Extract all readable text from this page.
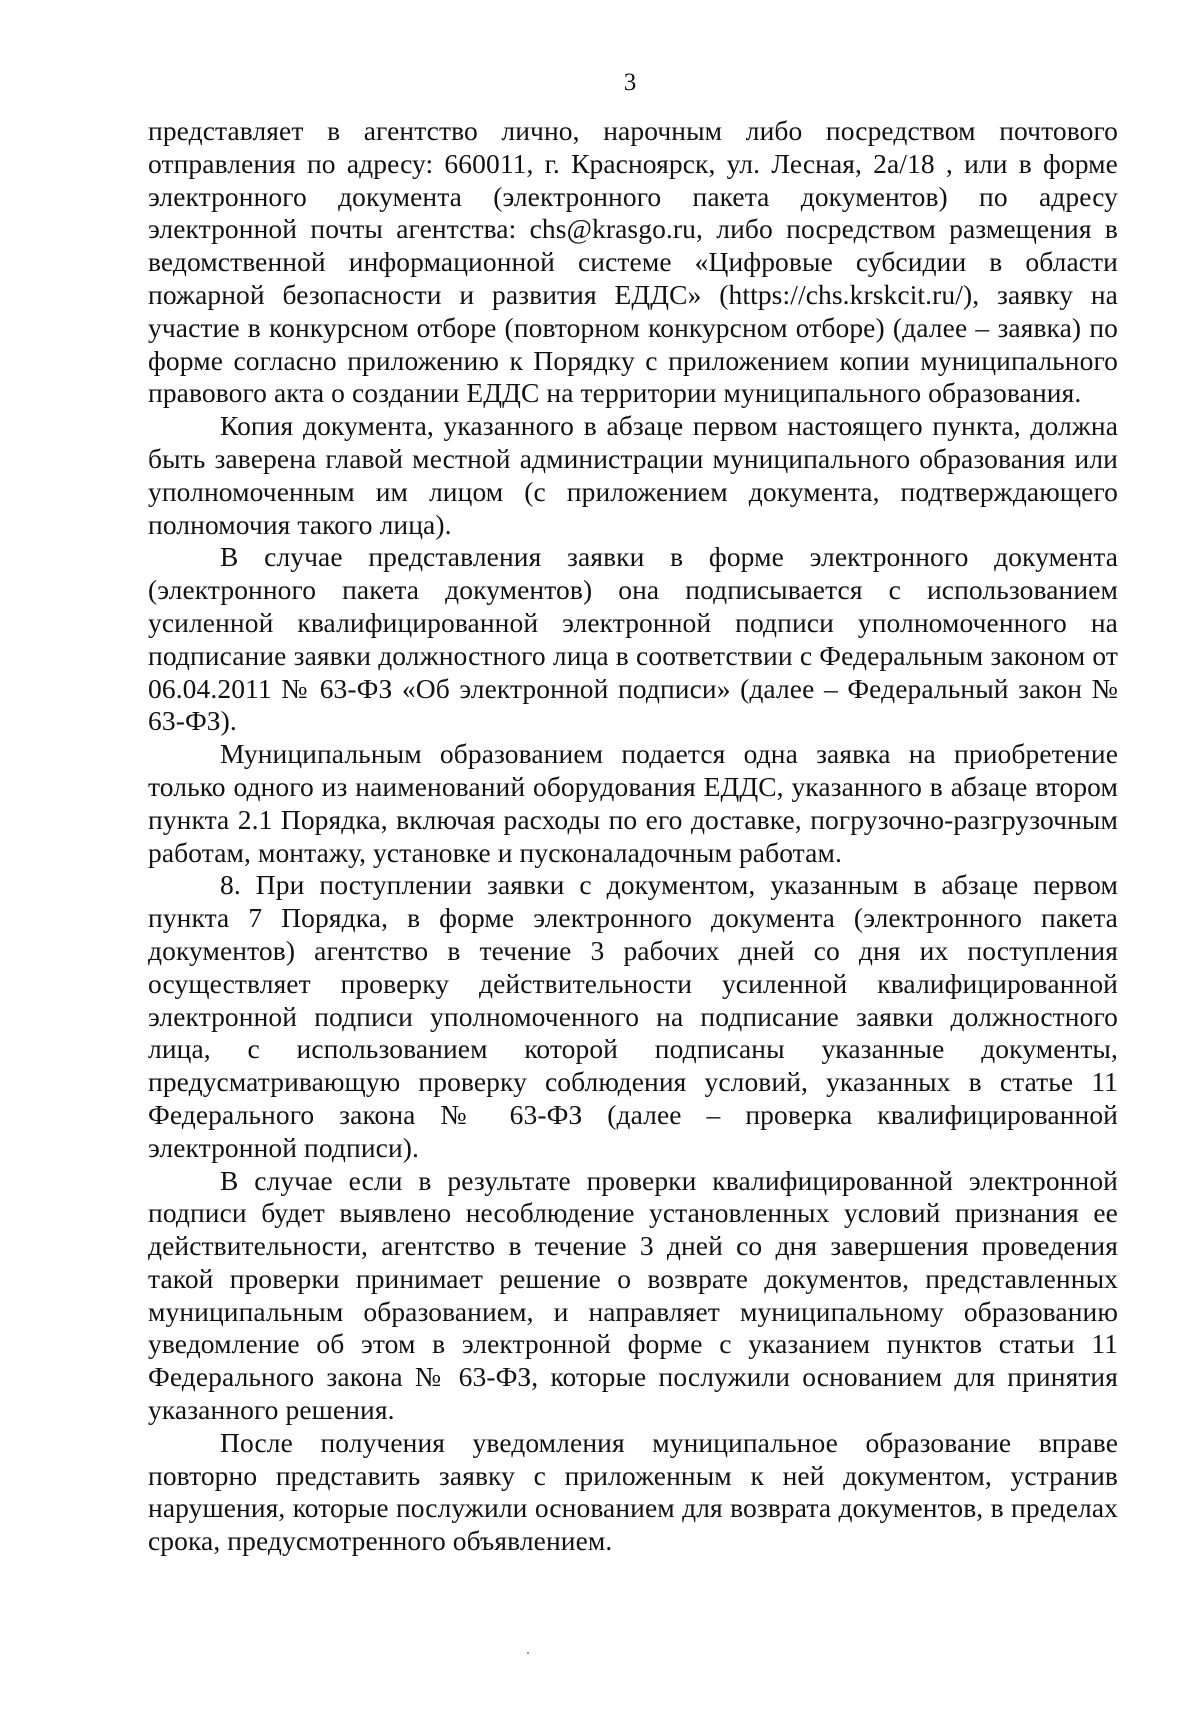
3

представляет в агентство лично, нарочным либо посредством почтового отправления по адресу: 660011, г. Красноярск, ул. Лесная, 2а/18 , или в форме электронного документа (электронного пакета документов) по адресу электронной почты агентства: chs@krasgo.ru, либо посредством размещения в ведомственной информационной системе «Цифровые субсидии в области пожарной безопасности и развития ЕДДС» (https://chs.krskcit.ru/), заявку на участие в конкурсном отборе (повторном конкурсном отборе) (далее – заявка) по форме согласно приложению к Порядку с приложением копии муниципального правового акта о создании ЕДДС на территории муниципального образования.

Копия документа, указанного в абзаце первом настоящего пункта, должна быть заверена главой местной администрации муниципального образования или уполномоченным им лицом (с приложением документа, подтверждающего полномочия такого лица).

В случае представления заявки в форме электронного документа (электронного пакета документов) она подписывается с использованием усиленной квалифицированной электронной подписи уполномоченного на подписание заявки должностного лица в соответствии с Федеральным законом от 06.04.2011 № 63-ФЗ «Об электронной подписи» (далее – Федеральный закон № 63-ФЗ).

Муниципальным образованием подается одна заявка на приобретение только одного из наименований оборудования ЕДДС, указанного в абзаце втором пункта 2.1 Порядка, включая расходы по его доставке, погрузочно-разгрузочным работам, монтажу, установке и пусконаладочным работам.

8. При поступлении заявки с документом, указанным в абзаце первом пункта 7 Порядка, в форме электронного документа (электронного пакета документов) агентство в течение 3 рабочих дней со дня их поступления осуществляет проверку действительности усиленной квалифицированной электронной подписи уполномоченного на подписание заявки должностного лица, с использованием которой подписаны указанные документы, предусматривающую проверку соблюдения условий, указанных в статье 11 Федерального закона № 63-ФЗ (далее – проверка квалифицированной электронной подписи).

В случае если в результате проверки квалифицированной электронной подписи будет выявлено несоблюдение установленных условий признания ее действительности, агентство в течение 3 дней со дня завершения проведения такой проверки принимает решение о возврате документов, представленных муниципальным образованием, и направляет муниципальному образованию уведомление об этом в электронной форме с указанием пунктов статьи 11 Федерального закона № 63-ФЗ, которые послужили основанием для принятия указанного решения.

После получения уведомления муниципальное образование вправе повторно представить заявку с приложенным к ней документом, устранив нарушения, которые послужили основанием для возврата документов, в пределах срока, предусмотренного объявлением.
